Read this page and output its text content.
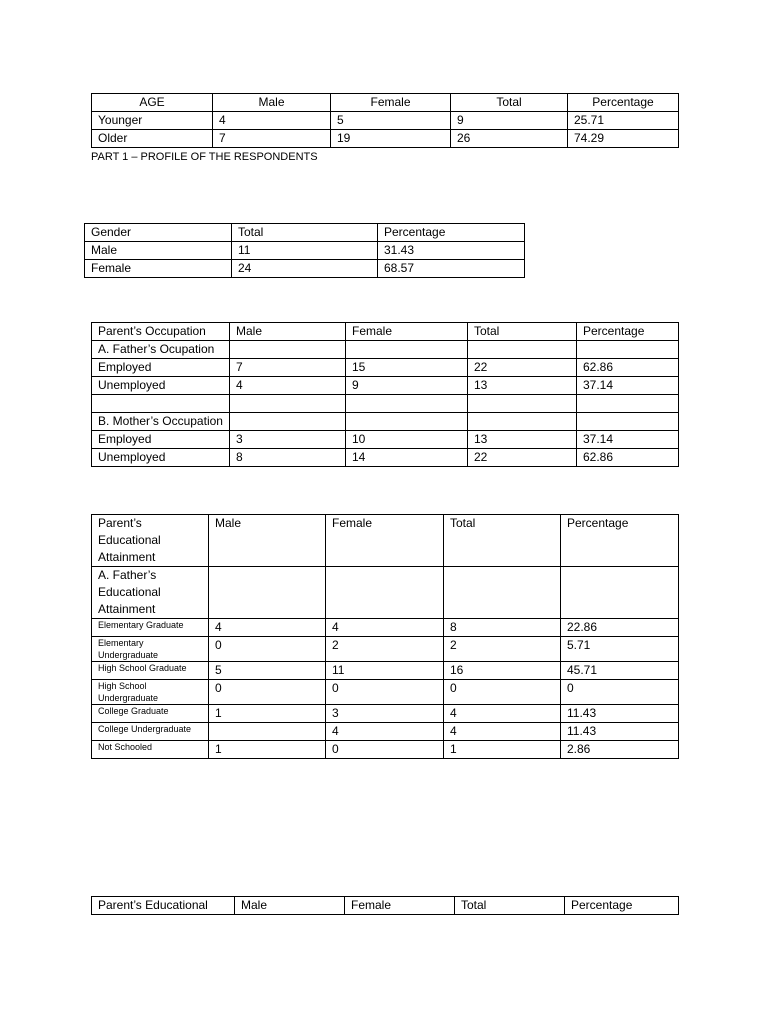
AGE	Male	Female	Total	Percentage
Younger	4	5	9	25.71
Older	7	19	26	74.29
PART 1 – PROFILE OF THE RESPONDENTS
Gender	Total	Percentage
Male	11	31.43
Female	24	68.57
Parent’s Occupation	Male	Female	Total	Percentage
A. Father’s Ocupation				
Employed	7	15	22	62.86
Unemployed	4	9	13	37.14

B. Mother’s Occupation				
Employed	3	10	13	37.14
Unemployed	8	14	22	62.86
Parent’s Educational Attainment	Male	Female	Total	Percentage
A. Father’s Educational Attainment				
Elementary Graduate	4	4	8	22.86
Elementary Undergraduate	0	2	2	5.71
High School Graduate	5	11	16	45.71
High School Undergraduate	0	0	0	0
College Graduate	1	3	4	11.43
College Undergraduate		4	4	11.43
Not Schooled	1	0	1	2.86
Parent’s Educational	Male	Female	Total	Percentage
